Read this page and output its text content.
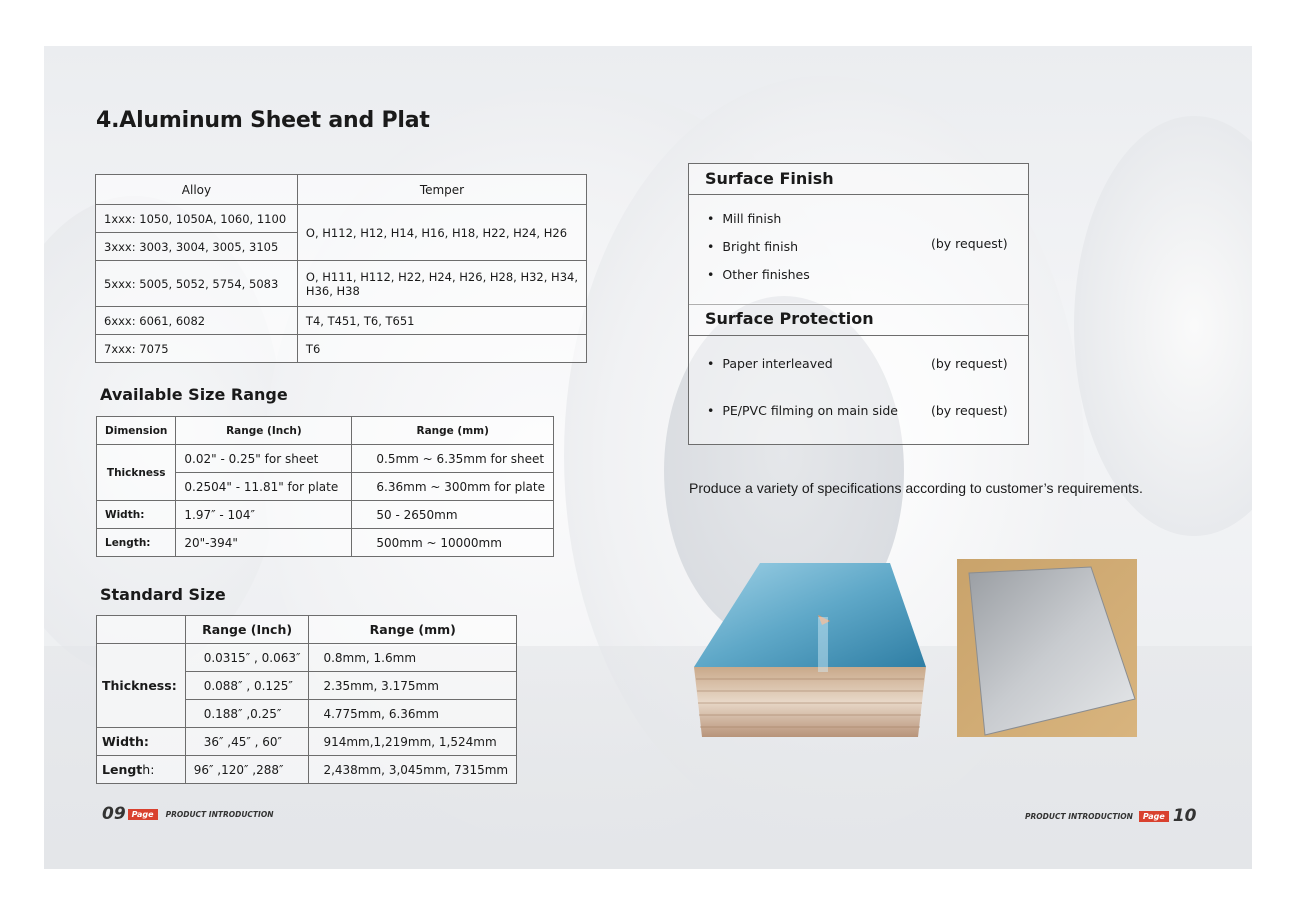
4.Aluminum Sheet and Plat
Alloy	Temper
1xxx: 1050, 1050A, 1060, 1100	O, H112, H12, H14, H16, H18, H22, H24, H26
3xxx: 3003, 3004, 3005, 3105	
5xxx: 5005, 5052, 5754, 5083	O, H111, H112, H22, H24, H26, H28, H32, H34,
H36, H38

6xxx: 6061, 6082	T4, T451, T6, T651
7xxx: 7075	T6
Available Size Range
Dimension	Range (Inch)	Range (mm)
Thickness	0.02" - 0.25" for sheet	0.5mm ~ 6.35mm for sheet
	0.2504" - 11.81" for plate	6.36mm ~ 300mm for plate
Width:	1.97″ - 104″	50 - 2650mm
Length:	20"-394"	500mm ~ 10000mm
Standard Size
	Range (Inch)	Range (mm)
Thickness:	0.0315″ , 0.063″	0.8mm, 1.6mm
	0.088″ , 0.125″	2.35mm, 3.175mm
	0.188″ ,0.25″	4.775mm, 6.36mm
Width:	36″ ,45″ , 60″	914mm,1,219mm, 1,524mm
Length:	96″ ,120″ ,288″	2,438mm, 3,045mm, 7315mm
Surface Finish
• Mill finish
• Bright finish	(by request)
• Other finishes
Surface Protection
• Paper interleaved	(by request)
• PE/PVC filming on main side	(by request)
Produce a variety of specifications according to customer’s requirements.
09 Page	PRODUCT INTRODUCTION	PRODUCT INTRODUCTION	Page 10
